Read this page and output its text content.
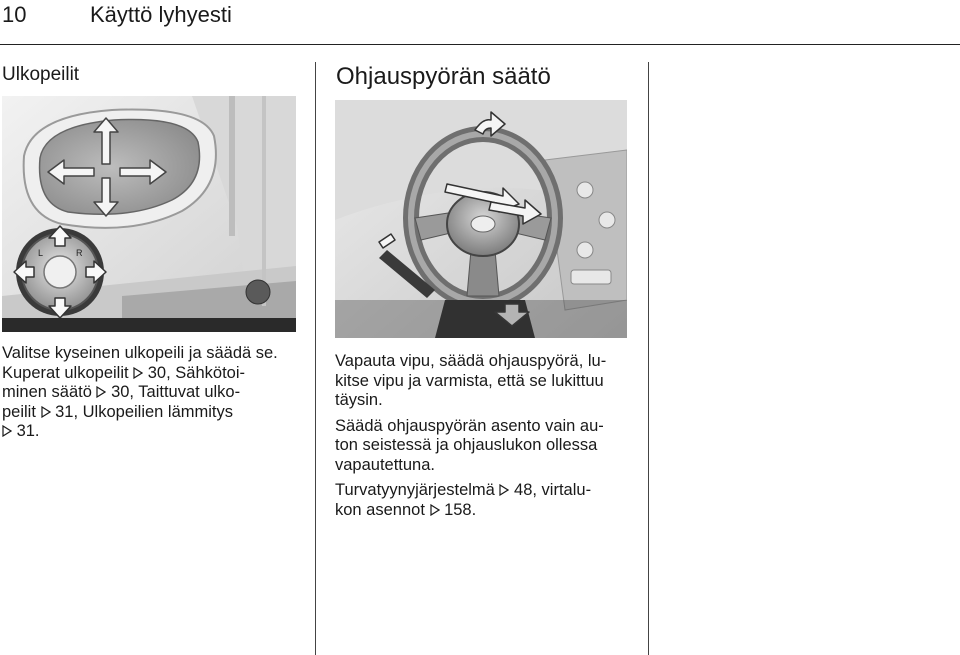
10	Käyttö lyhyesti
Ulkopeilit
L	R

Valitse kyseinen ulkopeili ja säädä se.
Kuperat ulkopeilit  30, Sähkötoi-
minen säätö  30, Taittuvat ulko-
peilit  31, Ulkopeilien lämmitys
31.

Ohjauspyörän säätö

Vapauta vipu, säädä ohjauspyörä, lu-
kitse vipu ja varmista, että se lukittuu
täysin.

Säädä ohjauspyörän asento vain au-
ton seistessä ja ohjauslukon ollessa
vapautettuna.

Turvatyynyjärjestelmä  48, virtalu-
kon asennot  158.
